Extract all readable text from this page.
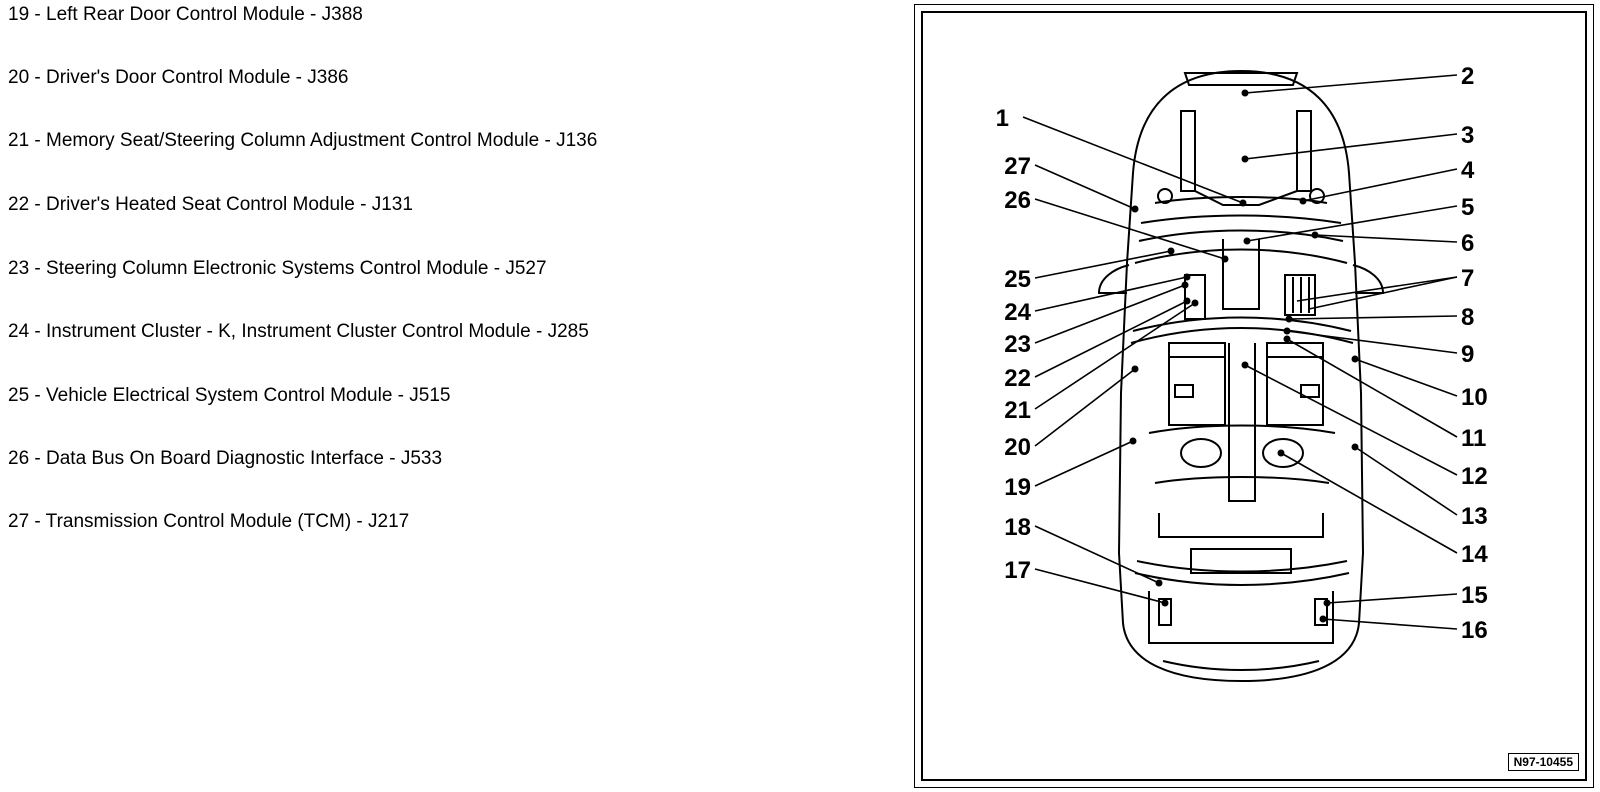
19 - Left Rear Door Control Module - J388
20 - Driver's Door Control Module - J386
21 - Memory Seat/Steering Column Adjustment Control Module - J136
22 - Driver's Heated Seat Control Module - J131
23 - Steering Column Electronic Systems Control Module - J527
24 - Instrument Cluster - K, Instrument Cluster Control Module - J285
25 - Vehicle Electrical System Control Module - J515
26 - Data Bus On Board Diagnostic Interface - J533
27 - Transmission Control Module (TCM) - J217
1
2
3
4
5
6
7
8
9
10
11
12
13
14
15
16
17
18
19
20
21
22
23
24
25
26
27
N97-10455
